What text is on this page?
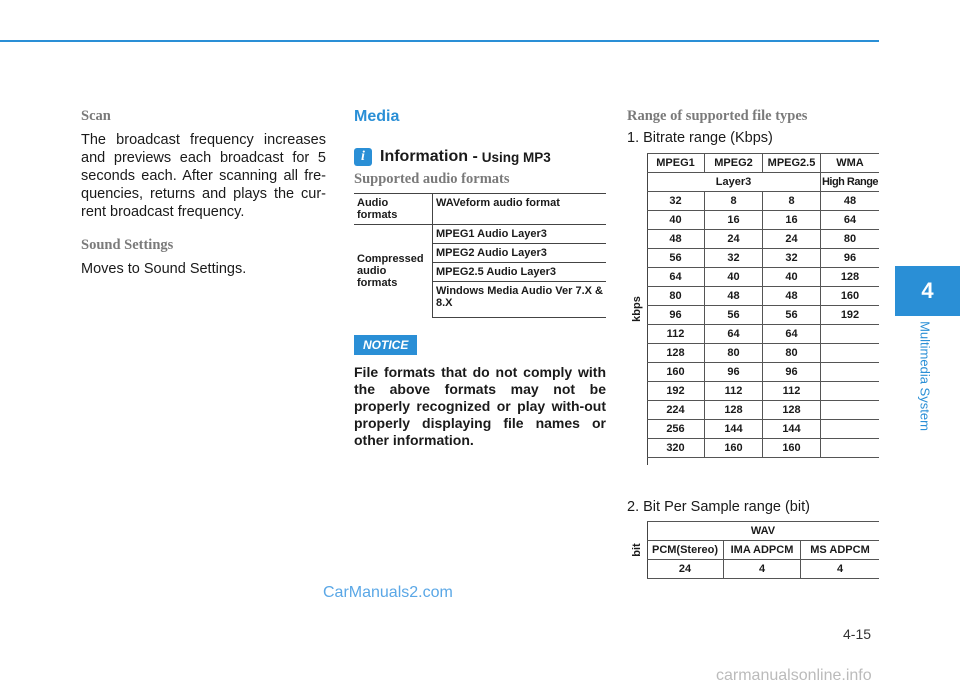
Scan

The broadcast frequency increases and previews each broadcast for 5 seconds each. After scanning all fre-quencies, returns and plays the cur-rent broadcast frequency.

Sound Settings

Moves to Sound Settings.

Media

i Information - Using MP3

Supported audio formats

Audio formats	WAVeform audio format
Compressed audio formats	MPEG1 Audio Layer3
	MPEG2 Audio Layer3
	MPEG2.5 Audio Layer3
	Windows Media Audio Ver 7.X & 8.X
NOTICE

File formats that do not comply with the above formats may not be properly recognized or play with-out properly displaying file names or other information.

Range of supported file types

1. Bitrate range (Kbps)
kbps
MPEG1	MPEG2	MPEG2.5	WMA
Layer3			High Range
32	8	8	48
40	16	16	64
48	24	24	80
56	32	32	96
64	40	40	128
80	48	48	160
96	56	56	192
112	64	64	
128	80	80	
160	96	96	
192	112	112	
224	128	128	
256	144	144	
320	160	160	
2. Bit Per Sample range (bit)
bit
WAV		
PCM(Stereo)	IMA ADPCM	MS ADPCM
24	4	4
4
Multimedia System
4-15
CarManuals2.com
carmanualsonline.info
